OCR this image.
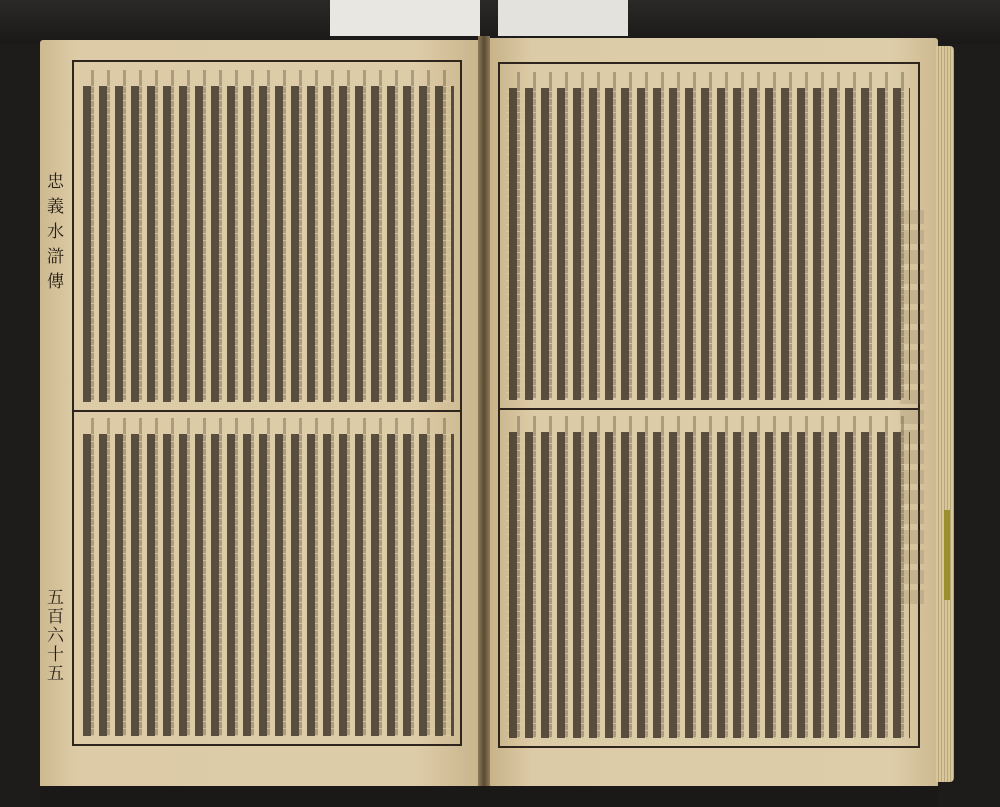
忠義水滸傳
五百六十五
